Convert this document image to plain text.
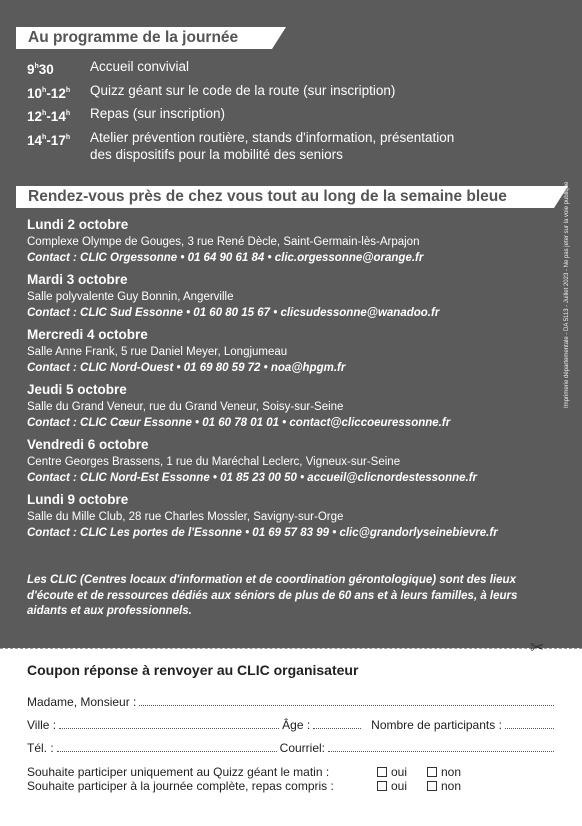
Au programme de la journée
9$^h$30	Accueil convivial
10$^h$-12$^h$	Quizz géant sur le code de la route (sur inscription)
12$^h$-14$^h$	Repas (sur inscription)
14$^h$-17$^h$	Atelier prévention routière, stands d'information, présentation des dispositifs pour la mobilité des seniors
Rendez-vous près de chez vous tout au long de la semaine bleue
Lundi 2 octobre
Complexe Olympe de Gouges, 3 rue René Dècle, Saint-Germain-lès-Arpajon
Contact : CLIC Orgessonne • 01 64 90 61 84 • clic.orgessonne@orange.fr
Mardi 3 octobre
Salle polyvalente Guy Bonnin, Angerville
Contact : CLIC Sud Essonne • 01 60 80 15 67 • clicsudessonne@wanadoo.fr
Mercredi 4 octobre
Salle Anne Frank, 5 rue Daniel Meyer, Longjumeau
Contact : CLIC Nord-Ouest • 01 69 80 59 72 • noa@hpgm.fr
Jeudi 5 octobre
Salle du Grand Veneur, rue du Grand Veneur, Soisy-sur-Seine
Contact : CLIC Cœur Essonne • 01 60 78 01 01 • contact@cliccoeuressonne.fr
Vendredi 6 octobre
Centre Georges Brassens, 1 rue du Maréchal Leclerc, Vigneux-sur-Seine
Contact : CLIC Nord-Est Essonne • 01 85 23 00 50 • accueil@clicnordestessonne.fr
Lundi 9 octobre
Salle du Mille Club, 28 rue Charles Mossler, Savigny-sur-Orge
Contact : CLIC Les portes de l'Essonne • 01 69 57 83 99 • clic@grandorlyseinebievre.fr
Les CLIC (Centres locaux d'information et de coordination gérontologique) sont des lieux d'écoute et de ressources dédiés aux séniors de plus de 60 ans et à leurs familles, à leurs aidants et aux professionnels.
Imprimerie départementale - DA 5113 - Juillet 2023 - Ne pas jeter sur la voie publique
✂
Coupon réponse à renvoyer au CLIC organisateur
Madame, Monsieur :
Ville :	Âge :	Nombre de participants :
Tél. :	Courriel:
Souhaite participer uniquement au Quizz géant le matin :	oui	non
Souhaite participer à la journée complète, repas compris :	oui	non
